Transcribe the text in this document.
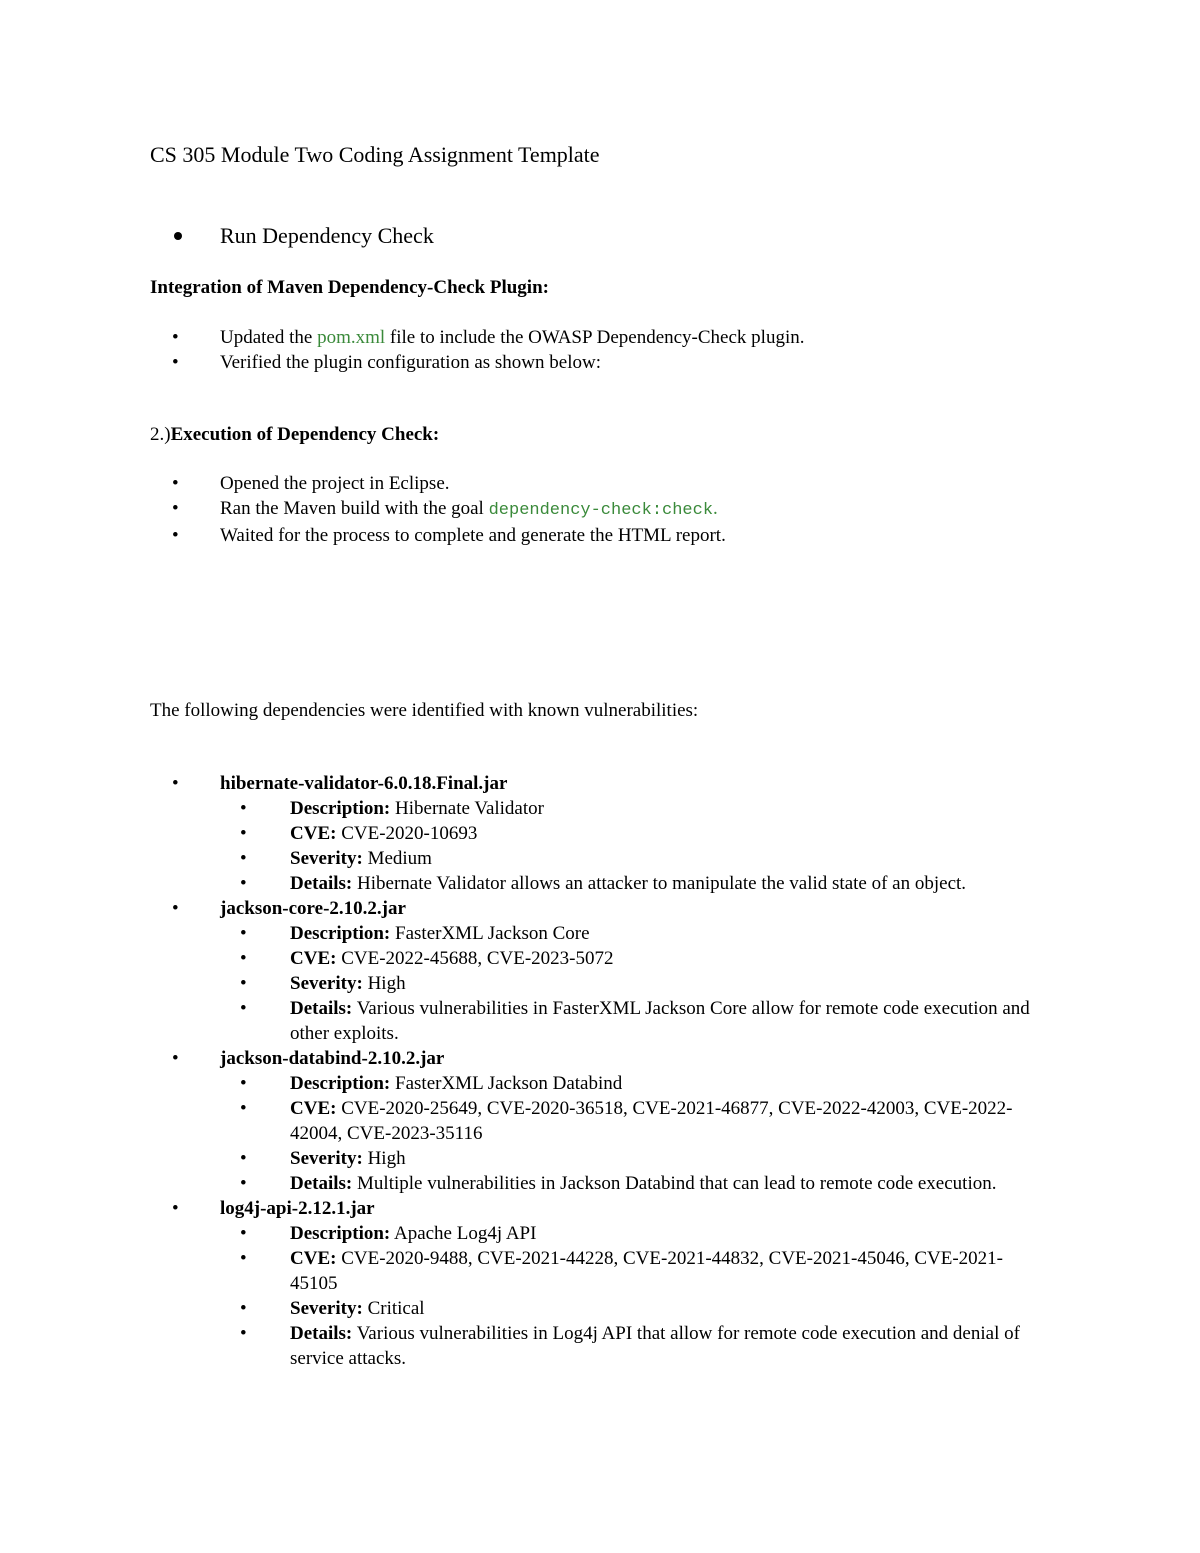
CS 305 Module Two Coding Assignment Template
Run Dependency Check
Integration of Maven Dependency-Check Plugin:
• Updated the pom.xml file to include the OWASP Dependency-Check plugin.
• Verified the plugin configuration as shown below:
2.)Execution of Dependency Check:
• Opened the project in Eclipse.
• Ran the Maven build with the goal dependency-check:check.
• Waited for the process to complete and generate the HTML report.

The following dependencies were identified with known vulnerabilities:

• hibernate-validator-6.0.18.Final.jar
• Description: Hibernate Validator
• CVE: CVE-2020-10693
• Severity: Medium
• Details: Hibernate Validator allows an attacker to manipulate the valid state of an object.
• jackson-core-2.10.2.jar
• Description: FasterXML Jackson Core
• CVE: CVE-2022-45688, CVE-2023-5072
• Severity: High
• Details: Various vulnerabilities in FasterXML Jackson Core allow for remote code execution and other exploits.
• jackson-databind-2.10.2.jar
• Description: FasterXML Jackson Databind
• CVE: CVE-2020-25649, CVE-2020-36518, CVE-2021-46877, CVE-2022-42003, CVE-2022-42004, CVE-2023-35116
• Severity: High
• Details: Multiple vulnerabilities in Jackson Databind that can lead to remote code execution.
• log4j-api-2.12.1.jar
• Description: Apache Log4j API
• CVE: CVE-2020-9488, CVE-2021-44228, CVE-2021-44832, CVE-2021-45046, CVE-2021-45105
• Severity: Critical
• Details: Various vulnerabilities in Log4j API that allow for remote code execution and denial of service attacks.
